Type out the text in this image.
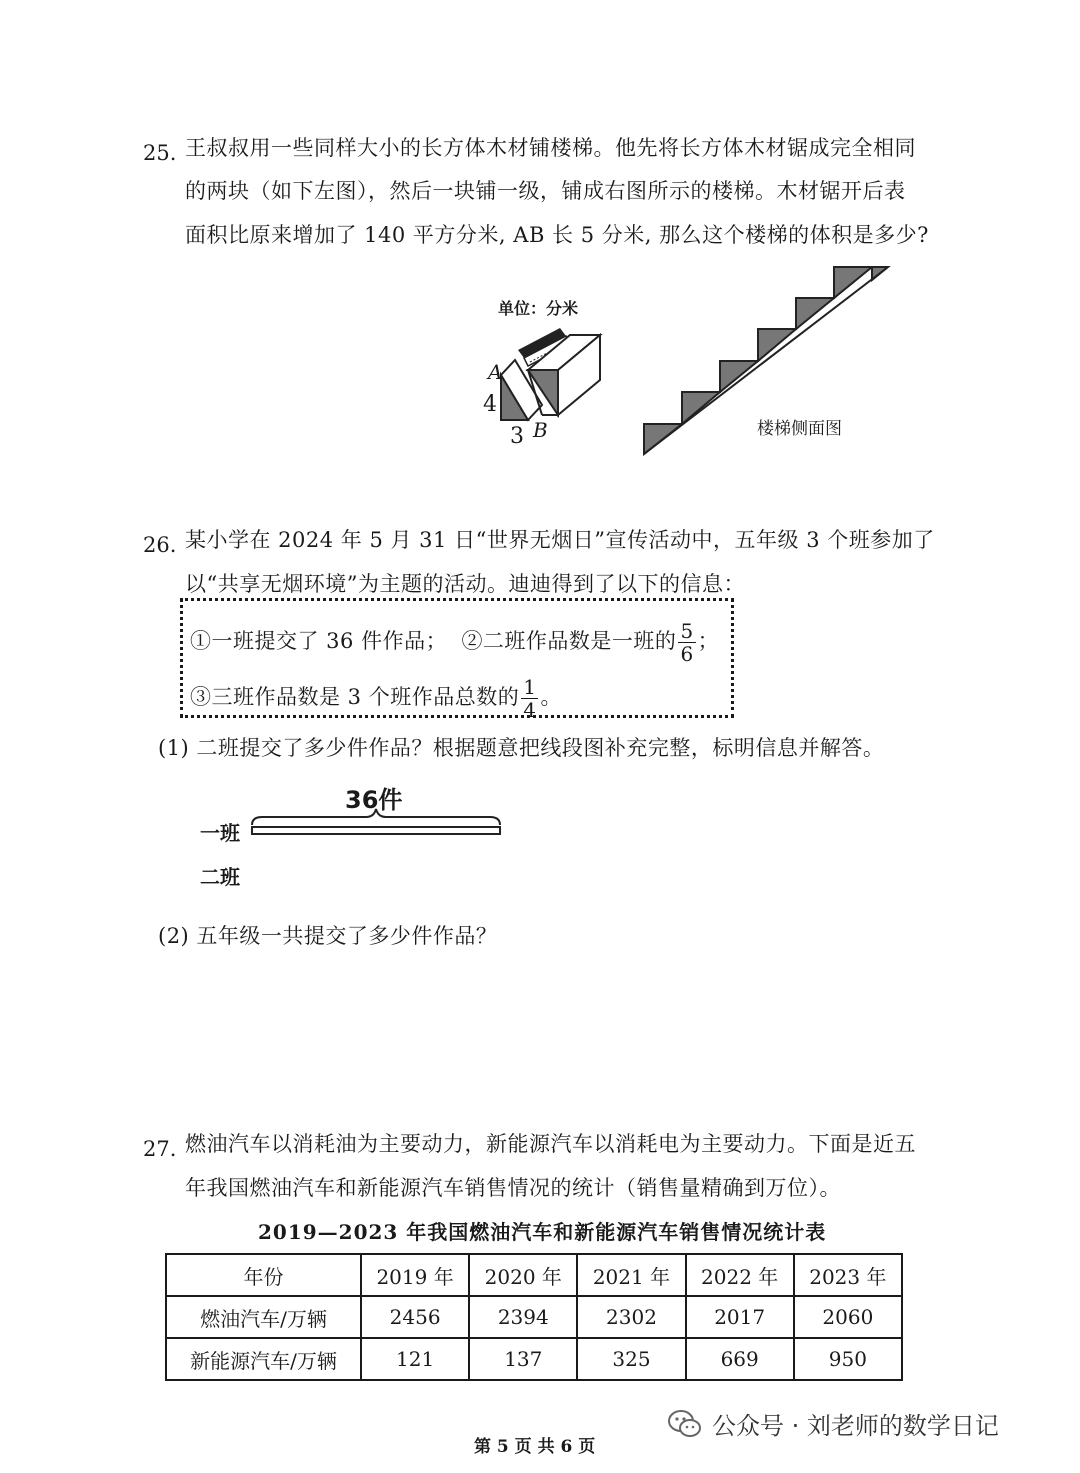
25. 王叔叔用一些同样大小的长方体木材铺楼梯。他先将长方体木材锯成完全相同
的两块（如下左图），然后一块铺一级，铺成右图所示的楼梯。木材锯开后表
面积比原来增加了 140 平方分米, AB 长 5 分米, 那么这个楼梯的体积是多少?
单位：分米
A
4
3 B	楼梯侧面图
26. 某小学在 2024 年 5 月 31 日“世界无烟日”宣传活动中，五年级 3 个班参加了
以“共享无烟环境”为主题的活动。迪迪得到了以下的信息：
①一班提交了 36 件作品； ②二班作品数是一班的 $\frac{5}{6}$ ；
③三班作品数是 3 个班作品总数的 $\frac{1}{4}$ 。
(1) 二班提交了多少件作品？根据题意把线段图补充完整，标明信息并解答。
36件
一班
二班
(2) 五年级一共提交了多少件作品？
27. 燃油汽车以消耗油为主要动力，新能源汽车以消耗电为主要动力。下面是近五
年我国燃油汽车和新能源汽车销售情况的统计（销售量精确到万位）。
2019—2023 年我国燃油汽车和新能源汽车销售情况统计表
年份	2019 年	2020 年	2021 年	2022 年	2023 年
燃油汽车/万辆	2456	2394	2302	2017	2060
新能源汽车/万辆	121	137	325	669	950
第 5 页 共 6 页
公众号 · 刘老师的数学日记
